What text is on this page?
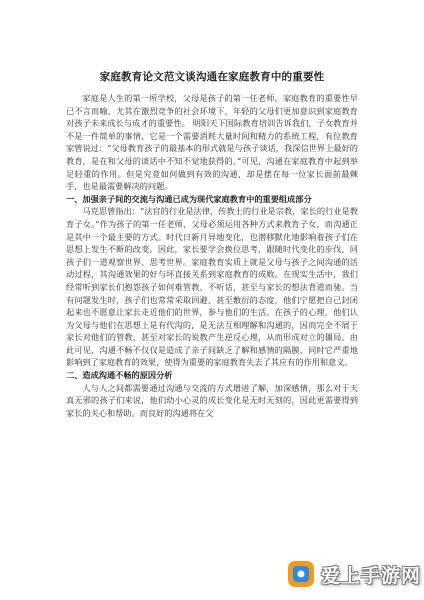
家庭教育论文范文谈沟通在家庭教育中的重要性

家庭是人生的第一所学校，父母是孩子的第一任老师。家庭教育的重要性早已不言而喻，尤其在激烈竞争的社会环境下，年轻的父母们更加意识到家庭教育对孩子未来成长与成才的重要性。 明阳天下国际教育培训告诉我们，子女教育并不是一件简单的事情，它是一个需要消耗大量时间和精力的系统工程，有位教育家曾说过：“父母教育孩子的最基本的形式就是与孩子谈话，我深信世界上最好的教育，是在和父母的谈话中不知不觉地获得的。”可见，沟通在家庭教育中起到举足轻重的作用。但是究竟如何做到有效的沟通，却是摆在每一位家长面前最棘手，也是最需要解决的问题。

一、加强亲子间的交流与沟通已成为现代家庭教育中的重要组成部分

马克思曾指出：“法官的行业是法律，传教士的行业是宗教，家长的行业是教育子女。”作为孩子的第一任老师，父母必须运用各种方式来教育子女，而沟通正是其中一个最主要的方式。时代日新月异地变化，也潜移默化地影响着孩子们在思想上发生不断的改变。因此，家长要学会换位思考，跟随时代变化的步伐，同孩子们一道观察世界、思考世界。家庭教育实质上就是父母与孩子之间沟通的活动过程，其沟通效果的好与坏直接关系到家庭教育的成败。在现实生活中，我们经常听到家长们抱怨孩子如何难管教、不听话，甚至与家长的想法背道而驰。当有问题发生时，孩子们也常常采取回避、甚至敷衍的态度，他们宁愿把自己封闭起来也不愿意让家长走近他们的世界，参与他们的生活。在孩子的心理，他们认为父母与他们在思想上是有代沟的，是无法互相理解和沟通的，因而完全不屑于家长对他们的管教，甚至对家长的说教产生逆反心理，从而形成对立的僵局。由此可见，沟通不畅不仅仅是造成了亲子间缺乏了解和感情的隔膜，同时它严重地影响到了家庭教育的效果，使得为重要的家庭教育失去了其应有的作用和意义。

二、造成沟通不畅的原因分析

人与人之间都需要通过沟通与交流的方式增进了解，加深感情，那么对于天真无邪的孩子们来说，他们幼小心灵的成长变化是无时无刻的，因此更需要得到家长的关心和帮助。而良好的沟通将在父

爱上手游网
